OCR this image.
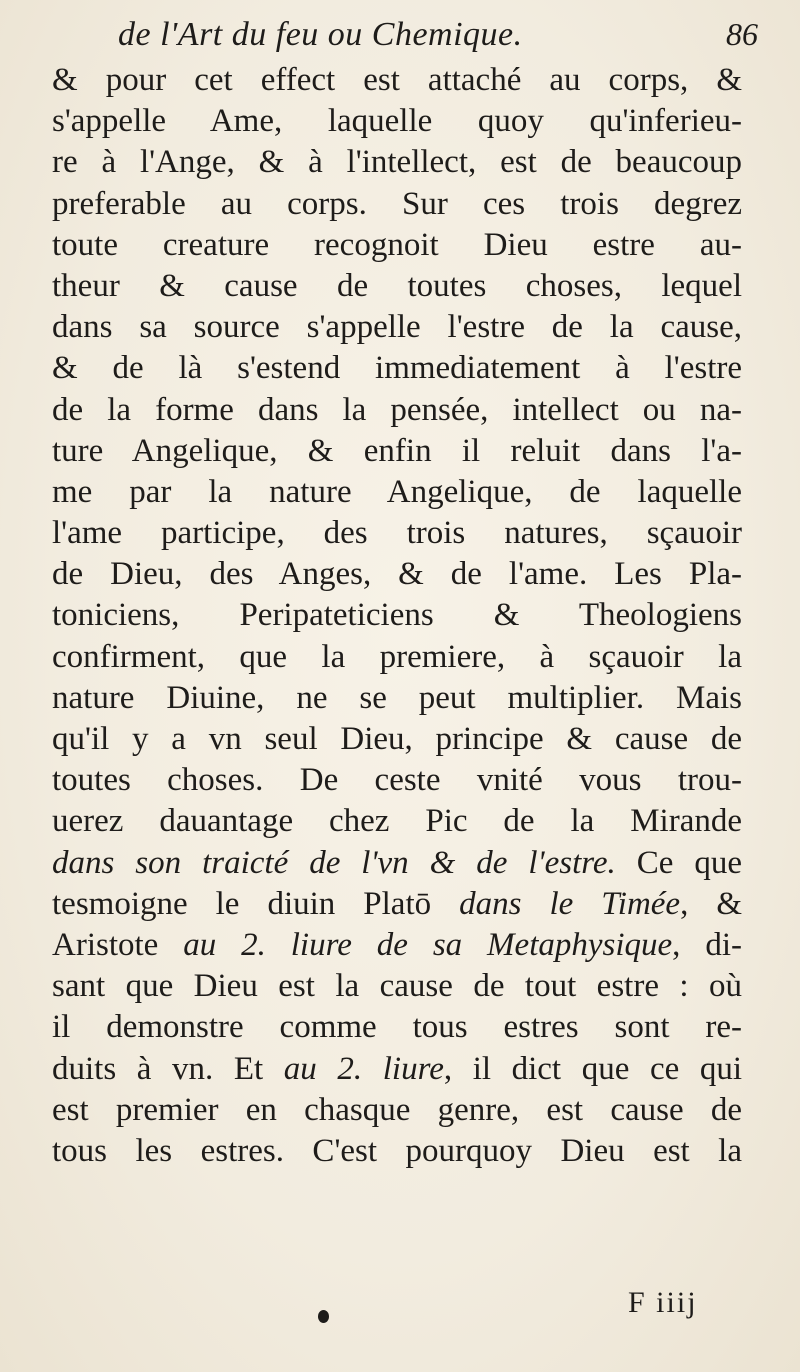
de l'Art du feu ou Chemique.	86
& pour cet effect est attaché au corps, &
s'appelle Ame, laquelle quoy qu'inferieu-
re à l'Ange, & à l'intellect, est de beaucoup
preferable au corps. Sur ces trois degrez
toute creature recognoit Dieu estre au-
theur & cause de toutes choses, lequel
dans sa source s'appelle l'estre de la cause,
& de là s'estend immediatement à l'estre
de la forme dans la pensée, intellect ou na-
ture Angelique, & enfin il reluit dans l'a-
me par la nature Angelique, de laquelle
l'ame participe, des trois natures, sçauoir
de Dieu, des Anges, & de l'ame. Les Pla-
toniciens, Peripateticiens & Theologiens
confirment, que la premiere, à sçauoir la
nature Diuine, ne se peut multiplier. Mais
qu'il y a vn seul Dieu, principe & cause de
toutes choses. De ceste vnité vous trou-
uerez dauantage chez Pic de la Mirande
dans son traicté de l'vn & de l'estre. Ce que
tesmoigne le diuin Platō dans le Timée, &
Aristote au 2. liure de sa Metaphysique, di-
sant que Dieu est la cause de tout estre : où
il demonstre comme tous estres sont re-
duits à vn. Et au 2. liure, il dict que ce qui
est premier en chasque genre, est cause de
tous les estres. C'est pourquoy Dieu est la
F iiij
